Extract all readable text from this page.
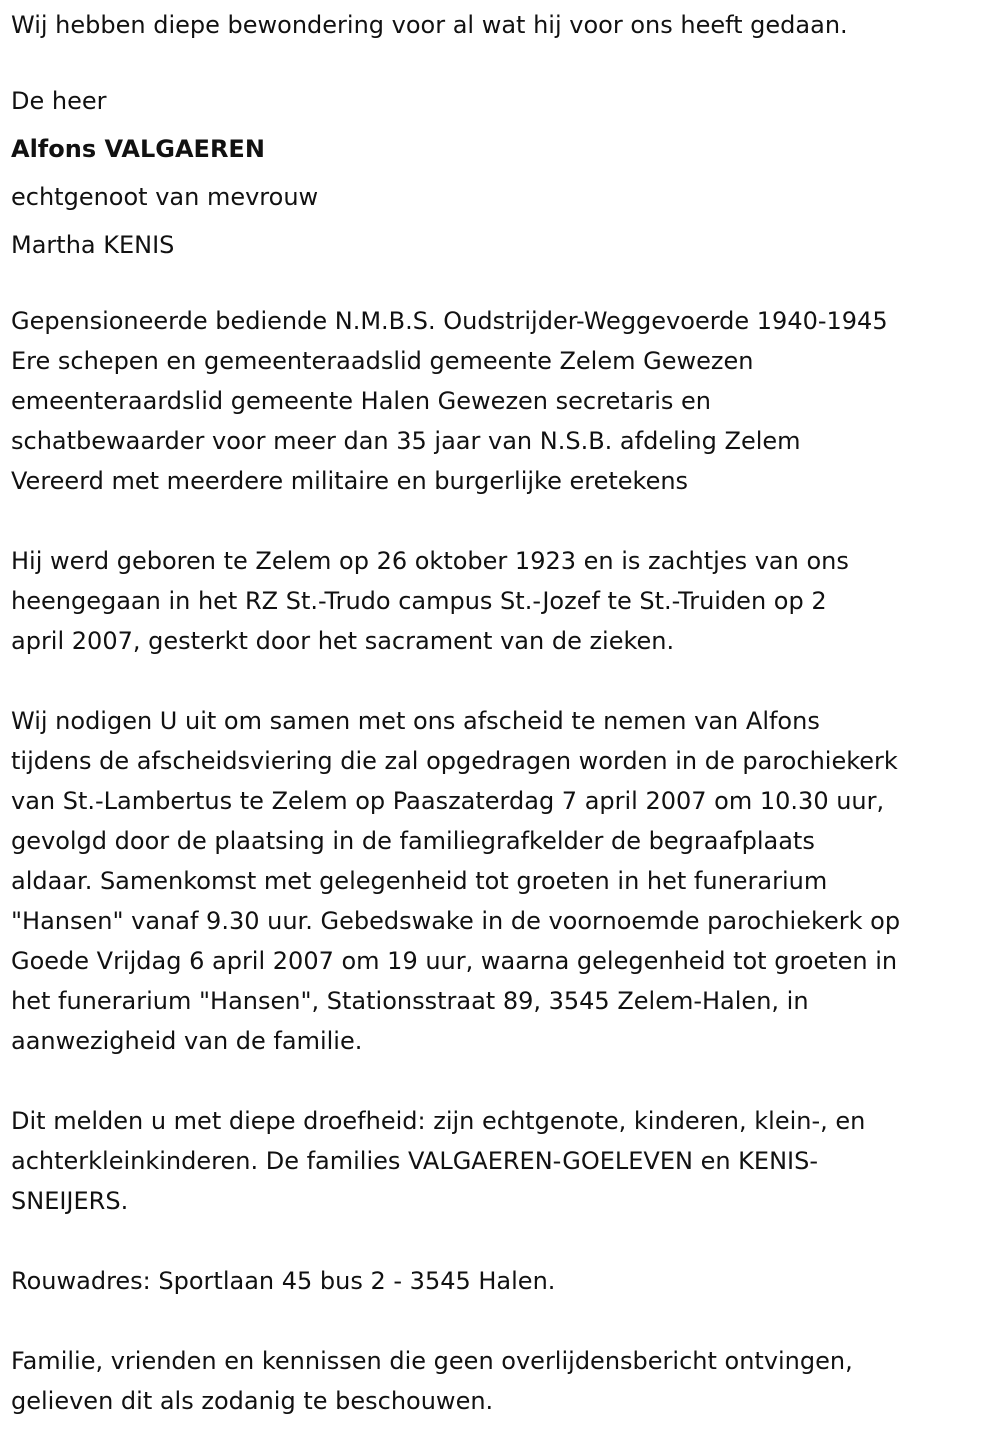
Wij hebben diepe bewondering voor al wat hij voor ons heeft gedaan.

De heer

Alfons VALGAEREN

echtgenoot van mevrouw

Martha KENIS

Gepensioneerde bediende N.M.B.S. Oudstrijder-Weggevoerde 1940-1945

Ere schepen en gemeenteraadslid gemeente Zelem Gewezen

emeenteraardslid gemeente Halen Gewezen secretaris en

schatbewaarder voor meer dan 35 jaar van N.S.B. afdeling Zelem

Vereerd met meerdere militaire en burgerlijke eretekens

Hij werd geboren te Zelem op 26 oktober 1923 en is zachtjes van ons

heengegaan in het RZ St.-Trudo campus St.-Jozef te St.-Truiden op 2

april 2007, gesterkt door het sacrament van de zieken.

Wij nodigen U uit om samen met ons afscheid te nemen van Alfons

tijdens de afscheidsviering die zal opgedragen worden in de parochiekerk

van St.-Lambertus te Zelem op Paaszaterdag 7 april 2007 om 10.30 uur,

gevolgd door de plaatsing in de familiegrafkelder de begraafplaats

aldaar. Samenkomst met gelegenheid tot groeten in het funerarium

"Hansen" vanaf 9.30 uur. Gebedswake in de voornoemde parochiekerk op

Goede Vrijdag 6 april 2007 om 19 uur, waarna gelegenheid tot groeten in

het funerarium "Hansen", Stationsstraat 89, 3545 Zelem-Halen, in

aanwezigheid van de familie.

Dit melden u met diepe droefheid: zijn echtgenote, kinderen, klein-, en

achterkleinkinderen. De families VALGAEREN-GOELEVEN en KENIS-

SNEIJERS.

Rouwadres: Sportlaan 45 bus 2 - 3545 Halen.

Familie, vrienden en kennissen die geen overlijdensbericht ontvingen,

gelieven dit als zodanig te beschouwen.
